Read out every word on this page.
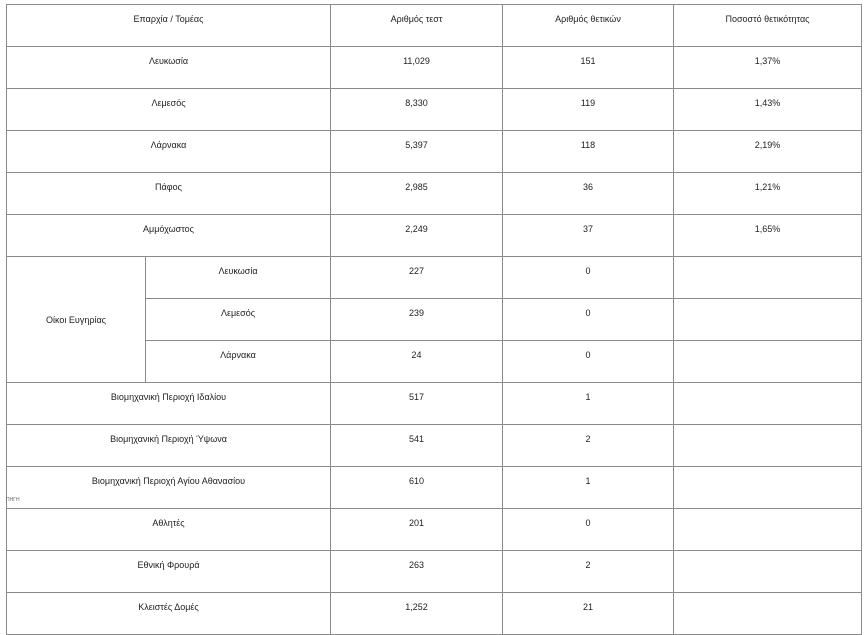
Επαρχία / Τομέας		Αριθμός τεστ	Αριθμός θετικών	Ποσοστό θετικότητας
Λευκωσία		11,029	151	1,37%
Λεμεσός		8,330	119	1,43%
Λάρνακα		5,397	118	2,19%
Πάφος		2,985	36	1,21%
Αμμόχωστος		2,249	37	1,65%
Οίκοι Ευγηρίας	Λευκωσία	227	0	
	Λεμεσός	239	0	
	Λάρνακα	24	0	
Βιομηχανική Περιοχή Ιδαλίου		517	1	
Βιομηχανική Περιοχή Ύψωνα		541	2	
Βιομηχανική Περιοχή Αγίου Αθανασίου		610	1	
Αθλητές		201	0	
Εθνική Φρουρά		263	2	
Κλειστές Δομές		1,252	21	
ΠΗΓΗ
